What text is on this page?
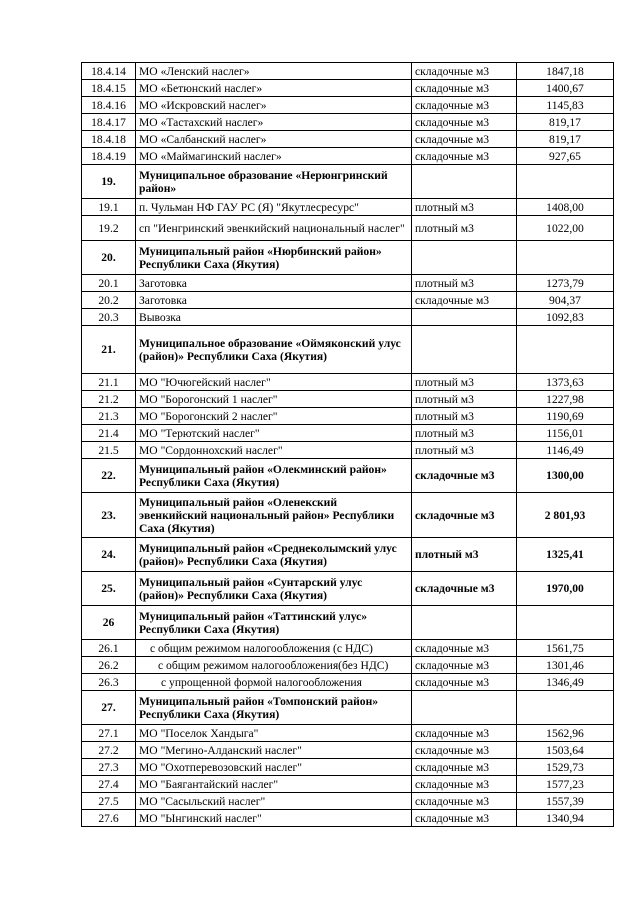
18.4.14	МО «Ленский наслег»	складочные м3	1847,18
18.4.15	МО «Бетюнский наслег»	складочные м3	1400,67
18.4.16	МО «Искровский наслег»	складочные м3	1145,83
18.4.17	МО «Тастахский наслег»	складочные м3	819,17
18.4.18	МО «Салбанский наслег»	складочные м3	819,17
18.4.19	МО «Маймагинский наслег»	складочные м3	927,65
19.	Муниципальное образование «Нерюнгринский район»		
19.1	п. Чульман НФ ГАУ РС (Я) "Якутлесресурс"	плотный м3	1408,00
19.2	сп "Иенгринский эвенкийский национальный наслег"	плотный м3	1022,00
20.	Муниципальный район «Нюрбинский район» Республики Саха (Якутия)		
20.1	Заготовка	плотный м3	1273,79
20.2	Заготовка	складочные м3	904,37
20.3	Вывозка		1092,83
21.	Муниципальное образование «Оймяконский улус (район)» Республики Саха (Якутия)		
21.1	МО "Ючюгейский наслег"	плотный м3	1373,63
21.2	МО "Борогонский 1 наслег"	плотный м3	1227,98
21.3	МО "Борогонский 2 наслег"	плотный м3	1190,69
21.4	МО "Терютский наслег"	плотный м3	1156,01
21.5	МО "Сордоннохский наслег"	плотный м3	1146,49
22.	Муниципальный район «Олекминский район» Республики Саха (Якутия)	складочные м3	1300,00
23.	Муниципальный район «Оленекский эвенкийский национальный район» Республики Саха (Якутия)	складочные м3	2 801,93
24.	Муниципальный район «Среднеколымский улус (район)» Республики Саха (Якутия)	плотный м3	1325,41
25.	Муниципальный район «Сунтарский улус (район)» Республики Саха (Якутия)	складочные м3	1970,00
26	Муниципальный район «Таттинский улус» Республики Саха (Якутия)		
26.1	с общим режимом налогообложения (с НДС)	складочные м3	1561,75
26.2	с общим режимом налогообложения(без НДС)	складочные м3	1301,46
26.3	с упрощенной формой налогообложения	складочные м3	1346,49
27.	Муниципальный район «Томпонский район» Республики Саха (Якутия)		
27.1	МО "Поселок Хандыга"	складочные м3	1562,96
27.2	МО "Мегино-Алданский наслег"	складочные м3	1503,64
27.3	МО "Охотперевозовский наслег"	складочные м3	1529,73
27.4	МО "Баягантайский наслег"	складочные м3	1577,23
27.5	МО "Сасыльский наслег"	складочные м3	1557,39
27.6	МО "Ынгинский наслег"	складочные м3	1340,94
